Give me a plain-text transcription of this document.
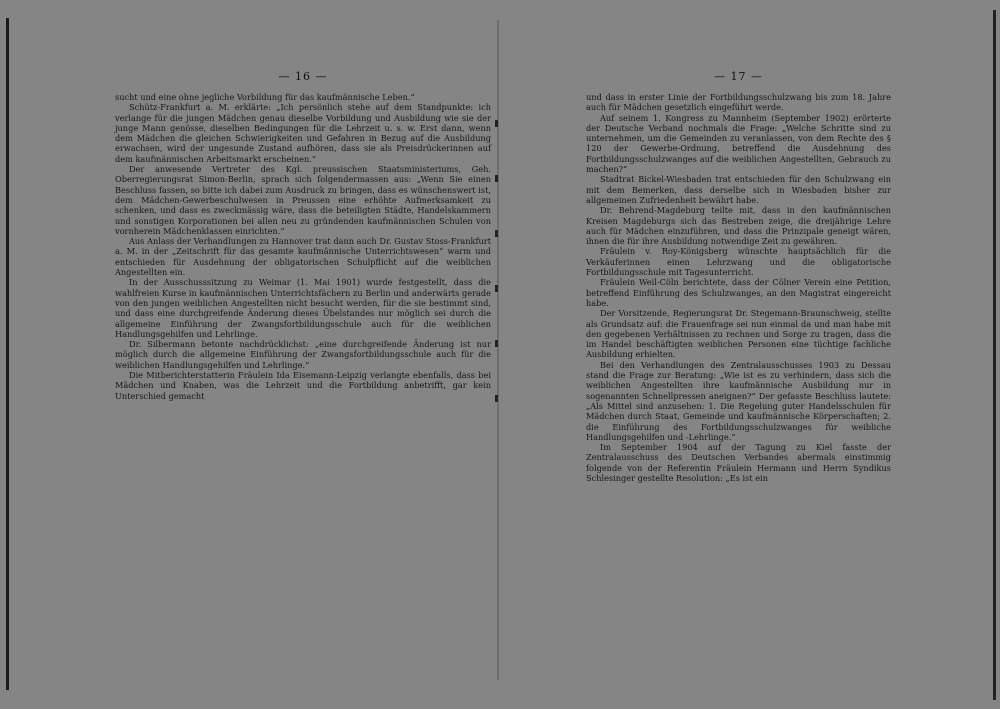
— 16 —

sucht und eine ohne jegliche Vorbildung für das kaufmännische Leben.“

Schütz-Frankfurt a. M. erklärte: „Ich persönlich stehe auf dem Standpunkte: ich verlange für die jungen Mädchen genau dieselbe Vorbildung und Ausbildung wie sie der junge Mann genösse, dieselben Bedingungen für die Lehrzeit u. s. w. Erst dann, wenn dem Mädchen die gleichen Schwierigkeiten und Gefahren in Bezug auf die Ausbildung erwachsen, wird der ungesunde Zustand aufhören, dass sie als Preisdrückerinnen auf dem kaufmännischen Arbeitsmarkt erscheinen.“

Der anwesende Vertreter des Kgl. preussischen Staatsministeriums, Geh. Oberregierungsrat Simon-Berlin, sprach sich folgendermassen aus: „Wenn Sie einen Beschluss fassen, so bitte ich dabei zum Ausdruck zu bringen, dass es wünschenswert ist, dem Mädchen-Gewerbeschulwesen in Preussen eine erhöhte Aufmerksamkeit zu schenken, und dass es zweckmässig wäre, dass die beteiligten Städte, Handelskammern und sonstigen Korporationen bei allen neu zu gründenden kaufmännischen Schulen von vornherein Mädchenklassen einrichten.“

Aus Anlass der Verhandlungen zu Hannover trat dann auch Dr. Gustav Stoss-Frankfurt a. M. in der „Zeitschrift für das gesamte kaufmännische Unterrichtswesen“ warm und entschieden für Ausdehnung der obligatorischen Schulpflicht auf die weiblichen Angestellten ein.

In der Ausschusssitzung zu Weimar (1. Mai 1901) wurde festgestellt, dass die wahlfreien Kurse in kaufmännischen Unterrichtsfächern zu Berlin und anderwärts gerade von den jungen weiblichen Angestellten nicht besucht werden, für die sie bestimmt sind, und dass eine durchgreifende Änderung dieses Übelstandes nur möglich sei durch die allgemeine Einführung der Zwangsfortbildungsschule auch für die weiblichen Handlungsgehilfen und Lehrlinge.

Dr. Silbermann betonte nachdrücklichst: „eine durchgreifende Änderung ist nur möglich durch die allgemeine Einführung der Zwangsfortbildungsschule auch für die weiblichen Handlungsgehilfen und Lehrlinge.“

Die Mitberichterstatterin Fräulein Ida Eisemann-Leipzig verlangte ebenfalls, dass bei Mädchen und Knaben, was die Lehrzeit und die Fortbildung anbetrifft, gar kein Unterschied gemacht

— 17 —

und dass in erster Linie der Fortbildungsschulzwang bis zum 18. Jahre auch für Mädchen gesetzlich eingeführt werde.

Auf seinem 1. Kongress zu Mannheim (September 1902) erörterte der Deutsche Verband nochmals die Frage: „Welche Schritte sind zu unternehmen, um die Gemeinden zu veranlassen, von dem Rechte des § 120 der Gewerbe-Ordnung, betreffend die Ausdehnung des Fortbildungsschulzwanges auf die weiblichen Angestellten, Gebrauch zu machen?“

Stadtrat Bickel-Wiesbaden trat entschieden für den Schulzwang ein mit dem Bemerken, dass derselbe sich in Wiesbaden bisher zur allgemeinen Zufriedenheit bewährt habe.

Dr. Behrend-Magdeburg teilte mit, dass in den kaufmännischen Kreisen Magdeburgs sich das Bestreben zeige, die dreijährige Lehre auch für Mädchen einzuführen, und dass die Prinzipale geneigt wären, ihnen die für ihre Ausbildung notwendige Zeit zu gewähren.

Fräulein v. Roy-Königsberg wünschte hauptsächlich für die Verkäuferinnen einen Lehrzwang und die obligatorische Fortbildungsschule mit Tagesunterricht.

Fräulein Weil-Cöln berichtete, dass der Cölner Verein eine Petition, betreffend Einführung des Schulzwanges, an den Magistrat eingereicht habe.

Der Vorsitzende, Regierungsrat Dr. Stegemann-Braunschweig, stellte als Grundsatz auf: die Frauenfrage sei nun einmal da und man habe mit den gegebenen Verhältnissen zu rechnen und Sorge zu tragen, dass die im Handel beschäftigten weiblichen Personen eine tüchtige fachliche Ausbildung erhielten.

Bei den Verhandlungen des Zentralausschusses 1903 zu Dessau stand die Frage zur Beratung: „Wie ist es zu verhindern, dass sich die weiblichen Angestellten ihre kaufmännische Ausbildung nur in sogenannten Schnellpressen aneignen?“ Der gefasste Beschluss lautete: „Als Mittel sind anzusehen: 1. Die Regelung guter Handelsschulen für Mädchen durch Staat, Gemeinde und kaufmännische Körperschaften; 2. die Einführung des Fortbildungsschulzwanges für weibliche Handlungsgehilfen und -Lehrlinge.“

Im September 1904 auf der Tagung zu Kiel fasste der Zentralausschuss des Deutschen Verbandes abermals einstimmig folgende von der Referentin Fräulein Hermann und Herrn Syndikus Schlesinger gestellte Resolution: „Es ist ein
